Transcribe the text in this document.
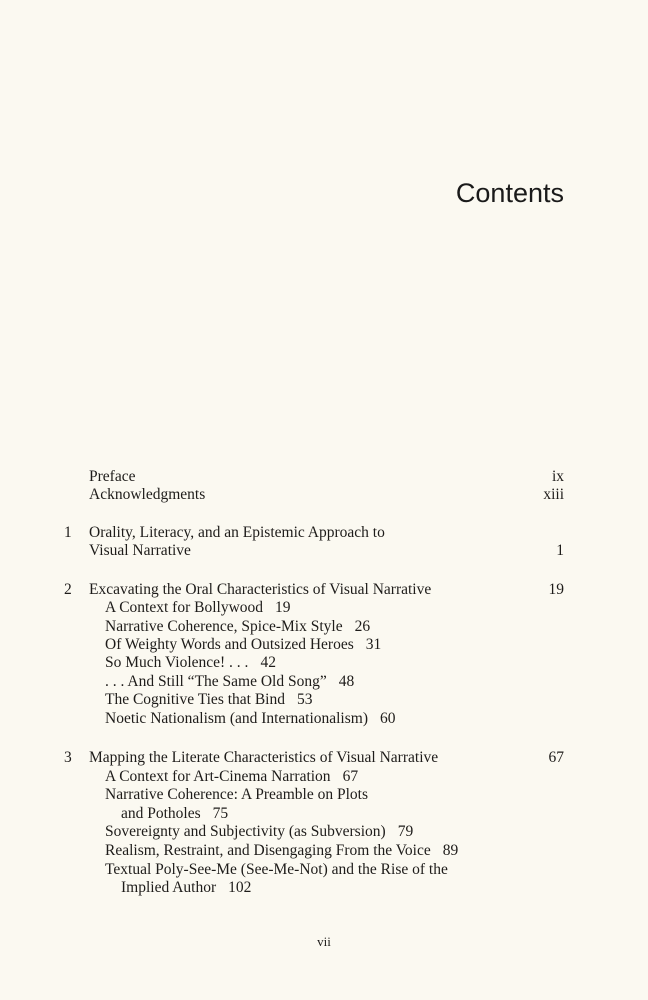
Contents
Preface	ix
Acknowledgments	xiii
1 Orality, Literacy, and an Epistemic Approach to
Visual Narrative	1
2 Excavating the Oral Characteristics of Visual Narrative	19
A Context for Bollywood 19
Narrative Coherence, Spice-Mix Style 26
Of Weighty Words and Outsized Heroes 31
So Much Violence! . . . 42
. . . And Still “The Same Old Song” 48
The Cognitive Ties that Bind 53
Noetic Nationalism (and Internationalism) 60
3 Mapping the Literate Characteristics of Visual Narrative	67
A Context for Art-Cinema Narration 67
Narrative Coherence: A Preamble on Plots
and Potholes 75
Sovereignty and Subjectivity (as Subversion) 79
Realism, Restraint, and Disengaging From the Voice 89
Textual Poly-See-Me (See-Me-Not) and the Rise of the
Implied Author 102
vii
